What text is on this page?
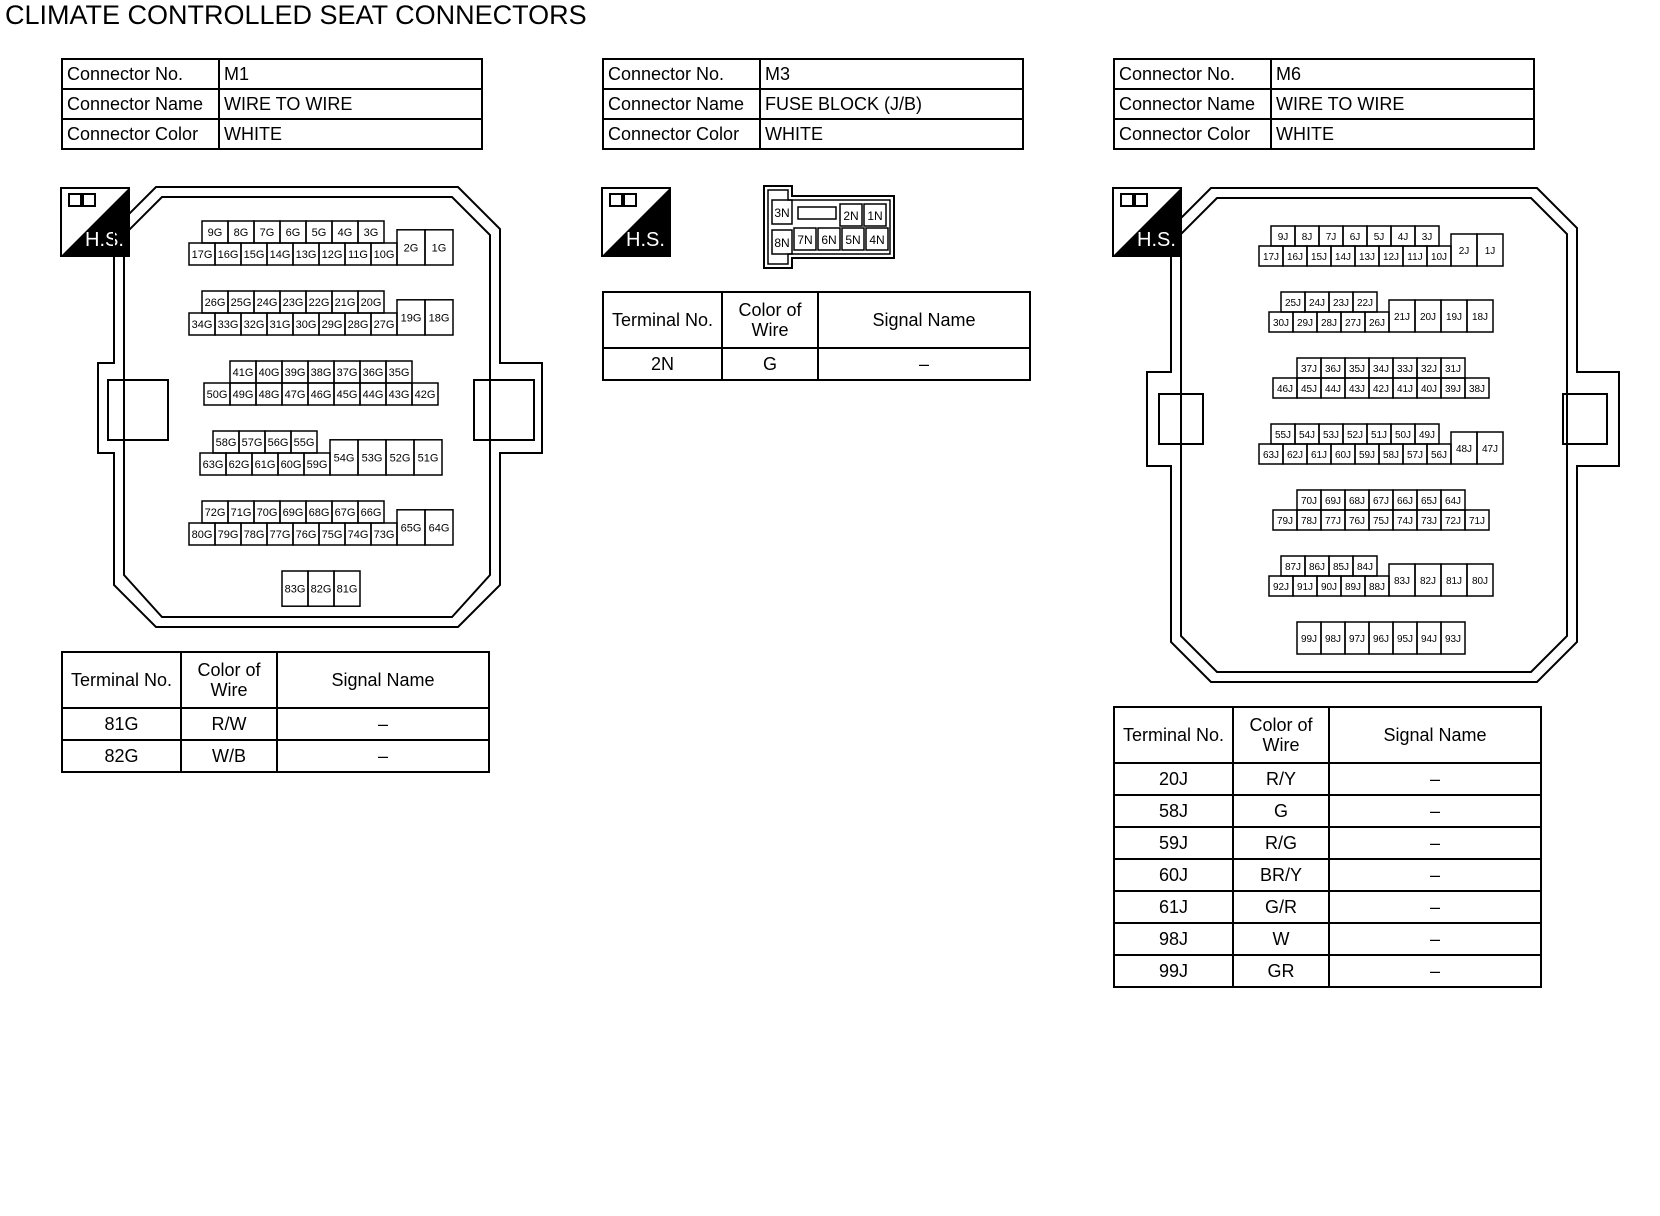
CLIMATE CONTROLLED SEAT CONNECTORS
Connector No.	M1
Connector Name	WIRE TO WIRE
Connector Color	WHITE
H.S.	9G 8G 7G 6G 5G 4G 3G
17G 16G 15G 14G 13G 12G 11G 10G
2G 1G
26G 25G 24G 23G 22G 21G 20G
34G 33G 32G 31G 30G 29G 28G 27G
19G 18G
41G 40G 39G 38G 37G 36G 35G
50G 49G 48G 47G 46G 45G 44G 43G 42G
58G 57G 56G 55G
63G 62G 61G 60G 59G
54G 53G 52G 51G
72G 71G 70G 69G 68G 67G 66G
80G 79G 78G 77G 76G 75G 74G 73G
65G 64G
83G 82G 81G
Terminal No.	Color of Wire	Signal Name
81G	R/W	–
82G	W/B	–
Connector No.	M3
Connector Name	FUSE BLOCK (J/B)
Connector Color	WHITE
H.S.
3N
8N
2N 1N
7N 6N 5N 4N
Terminal No.	Color of Wire	Signal Name
2N	G	–
Connector No.	M6
Connector Name	WIRE TO WIRE
Connector Color	WHITE
H.S.	9J 8J 7J 6J 5J 4J 3J
17J 16J 15J 14J 13J 12J 11J 10J
2J 1J
25J 24J 23J 22J
30J 29J 28J 27J 26J
21J 20J 19J 18J
37J 36J 35J 34J 33J 32J 31J
46J 45J 44J 43J 42J 41J 40J 39J 38J
55J 54J 53J 52J 51J 50J 49J
63J 62J 61J 60J 59J 58J 57J 56J
48J 47J
70J 69J 68J 67J 66J 65J 64J
79J 78J 77J 76J 75J 74J 73J 72J 71J
87J 86J 85J 84J
92J 91J 90J 89J 88J
83J 82J 81J 80J
99J 98J 97J 96J 95J 94J 93J
Terminal No.	Color of Wire	Signal Name
20J	R/Y	–
58J	G	–
59J	R/G	–
60J	BR/Y	–
61J	G/R	–
98J	W	–
99J	GR	–
